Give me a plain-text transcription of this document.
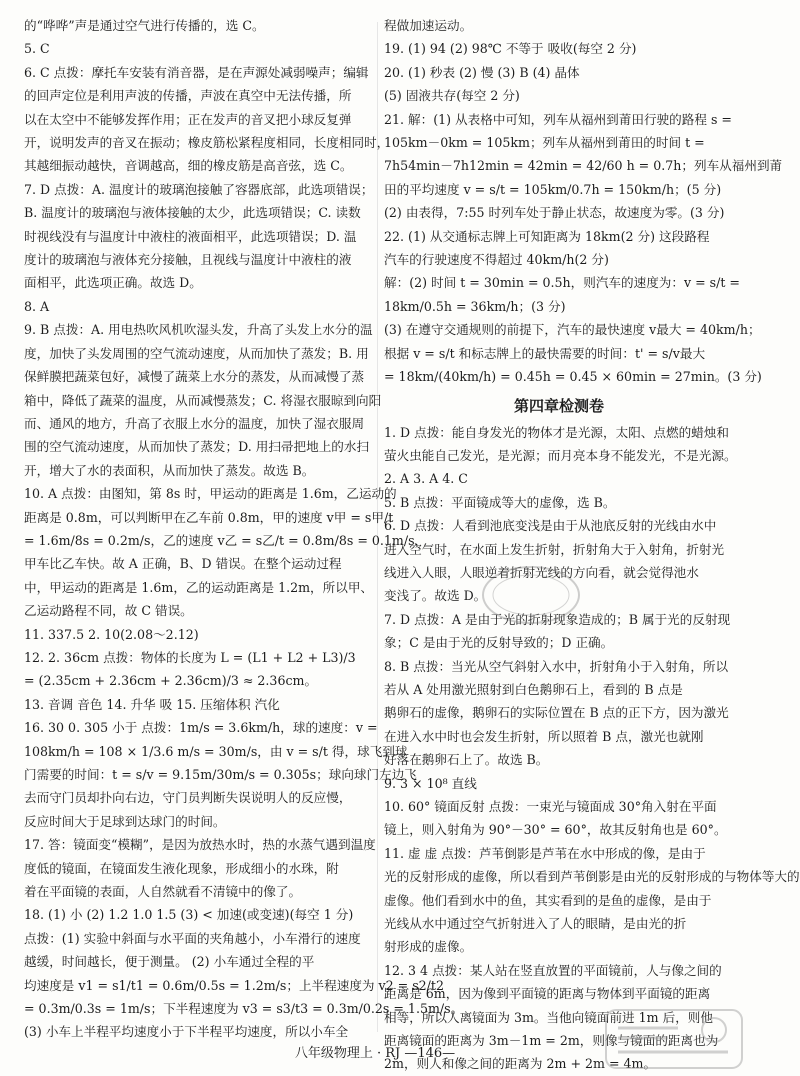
的“哗哗”声是通过空气进行传播的，选 C。
5. C
6. C 点拨：摩托车安装有消音器，是在声源处减弱噪声；编辑
的回声定位是利用声波的传播，声波在真空中无法传播，所
以在太空中不能够发挥作用；正在发声的音叉把小球反复弹
开，说明发声的音叉在振动；橡皮筋松紧程度相同，长度相同时，
其越细振动越快，音调越高，细的橡皮筋是高音弦，选 C。
7. D 点拨：A. 温度计的玻璃泡接触了容器底部，此选项错误；
B. 温度计的玻璃泡与液体接触的太少，此选项错误；C. 读数
时视线没有与温度计中液柱的液面相平，此选项错误；D. 温
度计的玻璃泡与液体充分接触，且视线与温度计中液柱的液
面相平，此选项正确。故选 D。
8. A
9. B 点拨：A. 用电热吹风机吹湿头发，升高了头发上水分的温
度，加快了头发周围的空气流动速度，从而加快了蒸发；B. 用
保鲜膜把蔬菜包好，减慢了蔬菜上水分的蒸发，从而减慢了蒸
箱中，降低了蔬菜的温度，从而减慢蒸发；C. 将湿衣服晾到向阳
而、通风的地方，升高了衣服上水分的温度，加快了湿衣服周
围的空气流动速度，从而加快了蒸发；D. 用扫帚把地上的水扫
开，增大了水的表面积，从而加快了蒸发。故选 B。
10. A 点拨：由图知，第 8s 时，甲运动的距离是 1.6m，乙运动的
距离是 0.8m，可以判断甲在乙车前 0.8m，甲的速度 v甲 = s甲/t
= 1.6m/8s = 0.2m/s，乙的速度 v乙 = s乙/t = 0.8m/8s = 0.1m/s，
甲车比乙车快。故 A 正确，B、D 错误。在整个运动过程
中，甲运动的距离是 1.6m，乙的运动距离是 1.2m，所以甲、
乙运动路程不同，故 C 错误。
11. 337.5 2. 10(2.08～2.12)
12. 2. 36cm 点拨：物体的长度为 L = (L1 + L2 + L3)/3
= (2.35cm + 2.36cm + 2.36cm)/3 ≈ 2.36cm。
13. 音调 音色 14. 升华 吸 15. 压缩体积 汽化
16. 30 0. 305 小于 点拨：1m/s = 3.6km/h，球的速度：v =
108km/h = 108 × 1/3.6 m/s = 30m/s，由 v = s/t 得，球飞到球
门需要的时间：t = s/v = 9.15m/30m/s = 0.305s；球向球门左边飞
去而守门员却扑向右边，守门员判断失误说明人的反应慢，
反应时间大于足球到达球门的时间。
17. 答：镜面变“模糊”，是因为放热水时，热的水蒸气遇到温度
度低的镜面，在镜面发生液化现象，形成细小的水珠，附
着在平面镜的表面，人自然就看不清镜中的像了。
18. (1) 小 (2) 1.2 1.0 1.5 (3) < 加速(或变速)(每空 1 分)
点拨：(1) 实验中斜面与水平面的夹角越小，小车滑行的速度
越缓，时间越长，便于测量。 (2) 小车通过全程的平
均速度是 v1 = s1/t1 = 0.6m/0.5s = 1.2m/s；上半程速度为 v2 = s2/t2
= 0.3m/0.3s = 1m/s；下半程速度为 v3 = s3/t3 = 0.3m/0.2s = 1.5m/s。
(3) 小车上半程平均速度小于下半程平均速度，所以小车全
程做加速运动。
19. (1) 94 (2) 98℃ 不等于 吸收(每空 2 分)
20. (1) 秒表 (2) 慢 (3) B (4) 晶体
(5) 固液共存(每空 2 分)
21. 解：(1) 从表格中可知，列车从福州到莆田行驶的路程 s =
105km－0km = 105km；列车从福州到莆田的时间 t =
7h54min－7h12min = 42min = 42/60 h = 0.7h；列车从福州到莆
田的平均速度 v = s/t = 105km/0.7h = 150km/h；(5 分)
(2) 由表得，7:55 时列车处于静止状态，故速度为零。(3 分)
22. (1) 从交通标志牌上可知距离为 18km(2 分) 这段路程
汽车的行驶速度不得超过 40km/h(2 分)
解：(2) 时间 t = 30min = 0.5h，则汽车的速度为：v = s/t =
18km/0.5h = 36km/h；(3 分)
(3) 在遵守交通规则的前提下，汽车的最快速度 v最大 = 40km/h；
根据 v = s/t 和标志牌上的最快需要的时间：t' = s/v最大
= 18km/(40km/h) = 0.45h = 0.45 × 60min = 27min。(3 分)
第四章检测卷
1. D 点拨：能自身发光的物体才是光源，太阳、点燃的蜡烛和
萤火虫能自己发光，是光源；而月亮本身不能发光，不是光源。
2. A 3. A 4. C
5. B 点拨：平面镜成等大的虚像，选 B。
6. D 点拨：人看到池底变浅是由于从池底反射的光线由水中
进入空气时，在水面上发生折射，折射角大于入射角，折射光
线进入人眼，人眼逆着折射光线的方向看，就会觉得池水
变浅了。故选 D。
7. D 点拨：A 是由于光的折射现象造成的；B 属于光的反射现
象；C 是由于光的反射导致的；D 正确。
8. B 点拨：当光从空气斜射入水中，折射角小于入射角，所以
若从 A 处用激光照射到白色鹅卵石上，看到的 B 点是
鹅卵石的虚像，鹅卵石的实际位置在 B 点的正下方，因为激光
在进入水中时也会发生折射，所以照着 B 点，激光也就刚
好落在鹅卵石上了。故选 B。
9. 3 × 10⁸ 直线
10. 60° 镜面反射 点拨：一束光与镜面成 30°角入射在平面
镜上，则入射角为 90°－30° = 60°，故其反射角也是 60°。
11. 虚 虚 点拨：芦苇倒影是芦苇在水中形成的像，是由于
光的反射形成的虚像，所以看到芦苇倒影是由光的反射形成的与物体等大的
虚像。他们看到水中的鱼，其实看到的是鱼的虚像，是由于
光线从水中通过空气折射进入了人的眼睛，是由光的折
射形成的虚像。
12. 3 4 点拨：某人站在竖直放置的平面镜前，人与像之间的
距离是 6m，因为像到平面镜的距离与物体到平面镜的距离
相等，所以人离镜面为 3m。当他向镜面前进 1m 后，则他
距离镜面的距离为 3m－1m = 2m，则像与镜面的距离也为
2m，则人和像之间的距离为 2m + 2m = 4m。
八年级物理上 · RJ —146—
